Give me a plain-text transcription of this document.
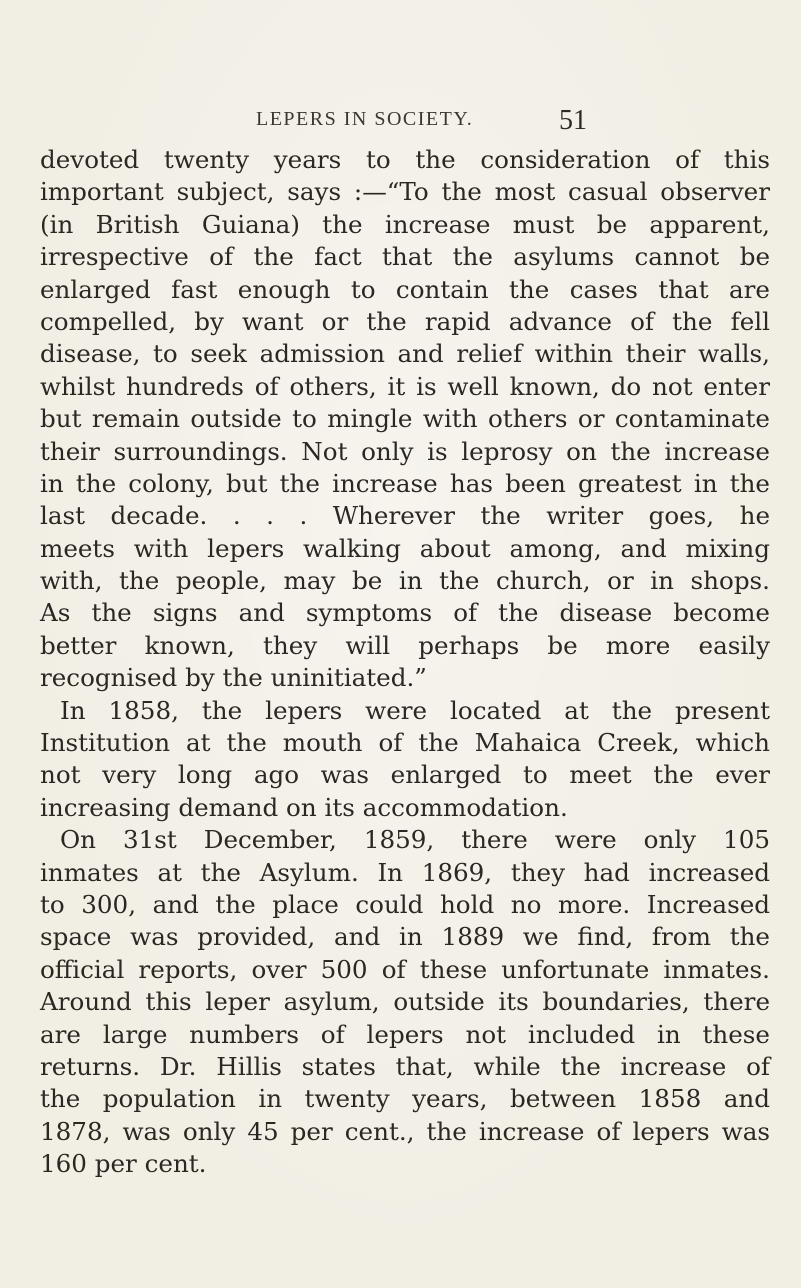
LEPERS IN SOCIETY.	51
devoted twenty years to the consideration of this
important subject, says :—“To the most casual observer
(in British Guiana) the increase must be apparent,
irrespective of the fact that the asylums cannot be
enlarged fast enough to contain the cases that are
compelled, by want or the rapid advance of the fell
disease, to seek admission and relief within their walls,
whilst hundreds of others, it is well known, do not enter
but remain outside to mingle with others or contaminate
their surroundings. Not only is leprosy on the increase
in the colony, but the increase has been greatest in the
last decade. . . . Wherever the writer goes, he
meets with lepers walking about among, and mixing
with, the people, may be in the church, or in shops.
As the signs and symptoms of the disease become
better known, they will perhaps be more easily
recognised by the uninitiated.”
In 1858, the lepers were located at the present
Institution at the mouth of the Mahaica Creek, which
not very long ago was enlarged to meet the ever
increasing demand on its accommodation.
On 31st December, 1859, there were only 105
inmates at the Asylum. In 1869, they had increased
to 300, and the place could hold no more. Increased
space was provided, and in 1889 we find, from the
official reports, over 500 of these unfortunate inmates.
Around this leper asylum, outside its boundaries, there
are large numbers of lepers not included in these
returns. Dr. Hillis states that, while the increase of
the population in twenty years, between 1858 and
1878, was only 45 per cent., the increase of lepers was
160 per cent.
